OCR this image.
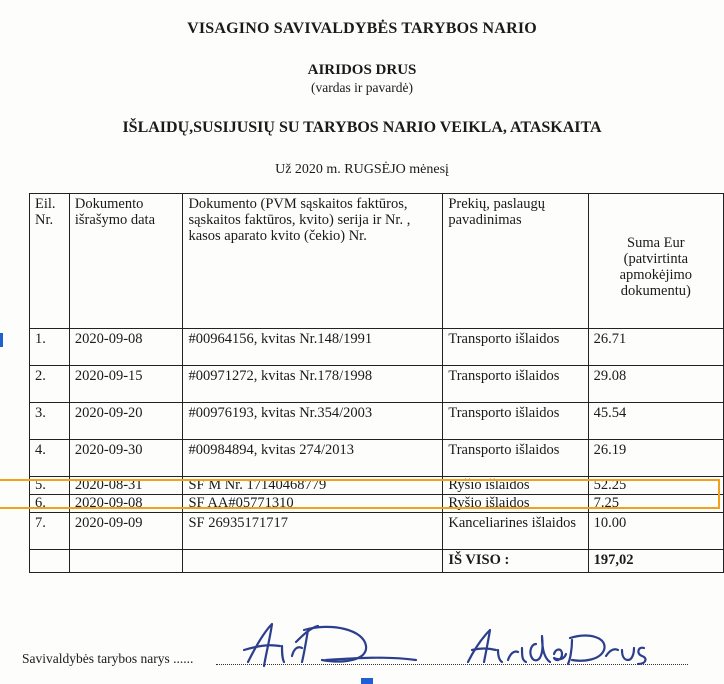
VISAGINO SAVIVALDYBĖS TARYBOS NARIO
AIRIDOS DRUS
(vardas ir pavardė)
IŠLAIDŲ,SUSIJUSIŲ SU TARYBOS NARIO VEIKLA, ATASKAITA
Už 2020 m. RUGSĖJO mėnesį
Eil. Nr.	Dokumento išrašymo data	Dokumento (PVM sąskaitos faktūros, sąskaitos faktūros, kvito) serija ir Nr. , kasos aparato kvito (čekio) Nr.	Prekių, paslaugų pavadinimas	Suma Eur (patvirtinta apmokėjimo dokumentu)
1.	2020-09-08	#00964156, kvitas Nr.148/1991	Transporto išlaidos	26.71
2.	2020-09-15	#00971272, kvitas Nr.178/1998	Transporto išlaidos	29.08
3.	2020-09-20	#00976193, kvitas Nr.354/2003	Transporto išlaidos	45.54
4.	2020-09-30	#00984894, kvitas 274/2013	Transporto išlaidos	26.19
5.	2020-08-31	SF M Nr. 17140468779	Ryšio išlaidos	52.25
6.	2020-09-08	SF AA#05771310	Ryšio išlaidos	7.25
7.	2020-09-09	SF 26935171717	Kanceliarines išlaidos	10.00
			IŠ VISO :	197,02
Savivaldybės tarybos narys ......
